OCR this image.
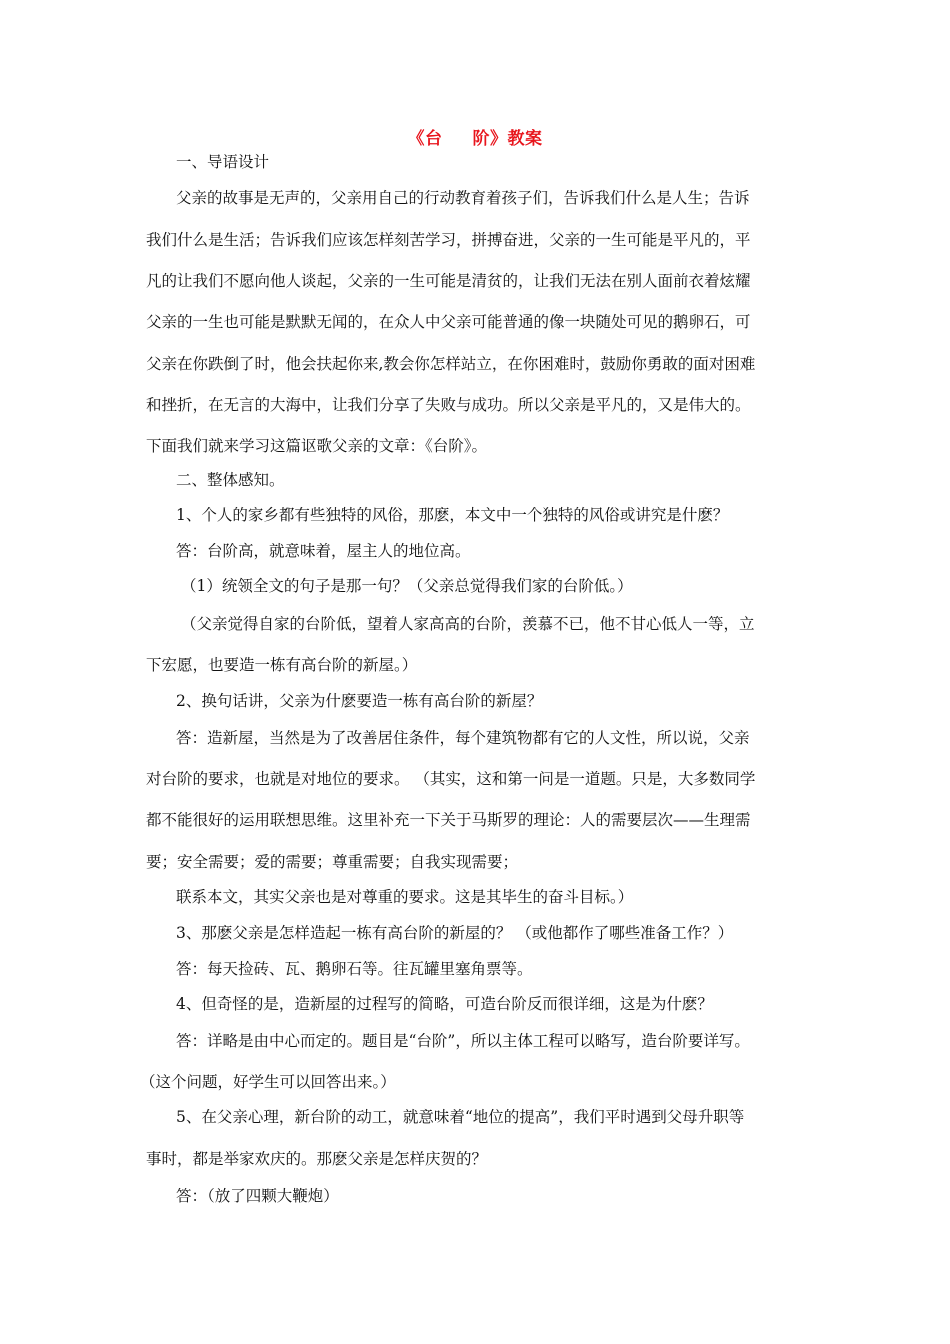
《台 阶》教案
一、导语设计
父亲的故事是无声的，父亲用自己的行动教育着孩子们，告诉我们什么是人生；告诉
我们什么是生活；告诉我们应该怎样刻苦学习，拼搏奋进，父亲的一生可能是平凡的，平
凡的让我们不愿向他人谈起，父亲的一生可能是清贫的，让我们无法在别人面前衣着炫耀
父亲的一生也可能是默默无闻的，在众人中父亲可能普通的像一块随处可见的鹅卵石，可
父亲在你跌倒了时，他会扶起你来,教会你怎样站立，在你困难时，鼓励你勇敢的面对困难
和挫折，在无言的大海中，让我们分享了失败与成功。所以父亲是平凡的，又是伟大的。
下面我们就来学习这篇讴歌父亲的文章：《台阶》。
二、整体感知。
1、个人的家乡都有些独特的风俗，那麽，本文中一个独特的风俗或讲究是什麽？
答：台阶高，就意味着，屋主人的地位高。
（1）统领全文的句子是那一句？（父亲总觉得我们家的台阶低。）
（父亲觉得自家的台阶低，望着人家高高的台阶，羡慕不已，他不甘心低人一等，立
下宏愿，也要造一栋有高台阶的新屋。）
2、换句话讲，父亲为什麽要造一栋有高台阶的新屋？
答：造新屋，当然是为了改善居住条件，每个建筑物都有它的人文性，所以说，父亲
对台阶的要求，也就是对地位的要求。 （其实，这和第一问是一道题。只是，大多数同学
都不能很好的运用联想思维。这里补充一下关于马斯罗的理论：人的需要层次——生理需
要；安全需要；爱的需要；尊重需要；自我实现需要；
联系本文，其实父亲也是对尊重的要求。这是其毕生的奋斗目标。）
3、那麽父亲是怎样造起一栋有高台阶的新屋的？ （或他都作了哪些准备工作？）
答：每天捡砖、瓦、鹅卵石等。往瓦罐里塞角票等。
4、但奇怪的是，造新屋的过程写的简略，可造台阶反而很详细，这是为什麽？
答：详略是由中心而定的。题目是“台阶”，所以主体工程可以略写，造台阶要详写。
（这个问题，好学生可以回答出来。）
5、在父亲心理，新台阶的动工，就意味着“地位的提高”，我们平时遇到父母升职等
事时，都是举家欢庆的。那麽父亲是怎样庆贺的？
答：（放了四颗大鞭炮）
